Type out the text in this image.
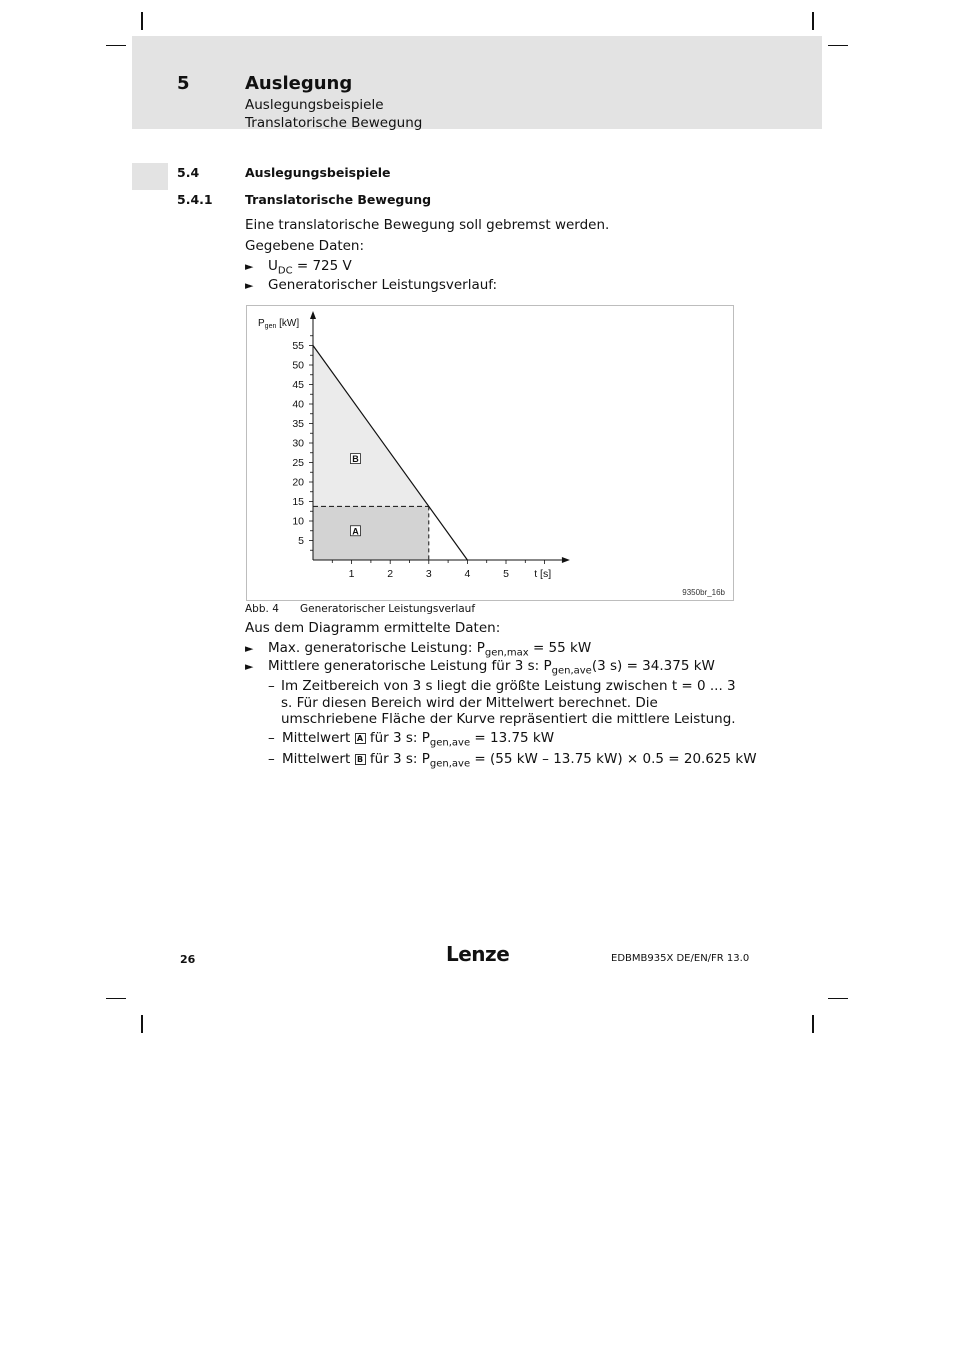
5	Auslegung
Auslegungsbeispiele
Translatorische Bewegung
5.4	Auslegungsbeispiele
5.4.1	Translatorische Bewegung
Eine translatorische Bewegung soll gebremst werden.
Gegebene Daten:
► $U_{DC} = 725$ V
► Generatorischer Leistungsverlauf:
1	2	3	4	5 t [s]
5
10
15
20
25
30
35
40
45
50
55
$P_{gen}$ [kW]
A
B
9350br_16b
Abb. 4 Generatorischer Leistungsverlauf
Aus dem Diagramm ermittelte Daten:
► Max. generatorische Leistung: $P_{gen,max} = 55$ kW
► Mittlere generatorische Leistung für 3 s: $P_{gen,ave}(3$ s) = 34.375 kW
– Im Zeitbereich von 3 s liegt die größte Leistung zwischen t = 0 ... 3 s. Für diesen Bereich wird der Mittelwert berechnet. Die umschriebene Fläche der Kurve repräsentiert die mittlere Leistung.
– Mittelwert A für 3 s: $P_{gen,ave} = 13.75$ kW
– Mittelwert B für 3 s: $P_{gen,ave} = (55$ kW – 13.75 kW) × 0.5 = 20.625 kW
26	Lenze	EDBMB935X DE/EN/FR 13.0
